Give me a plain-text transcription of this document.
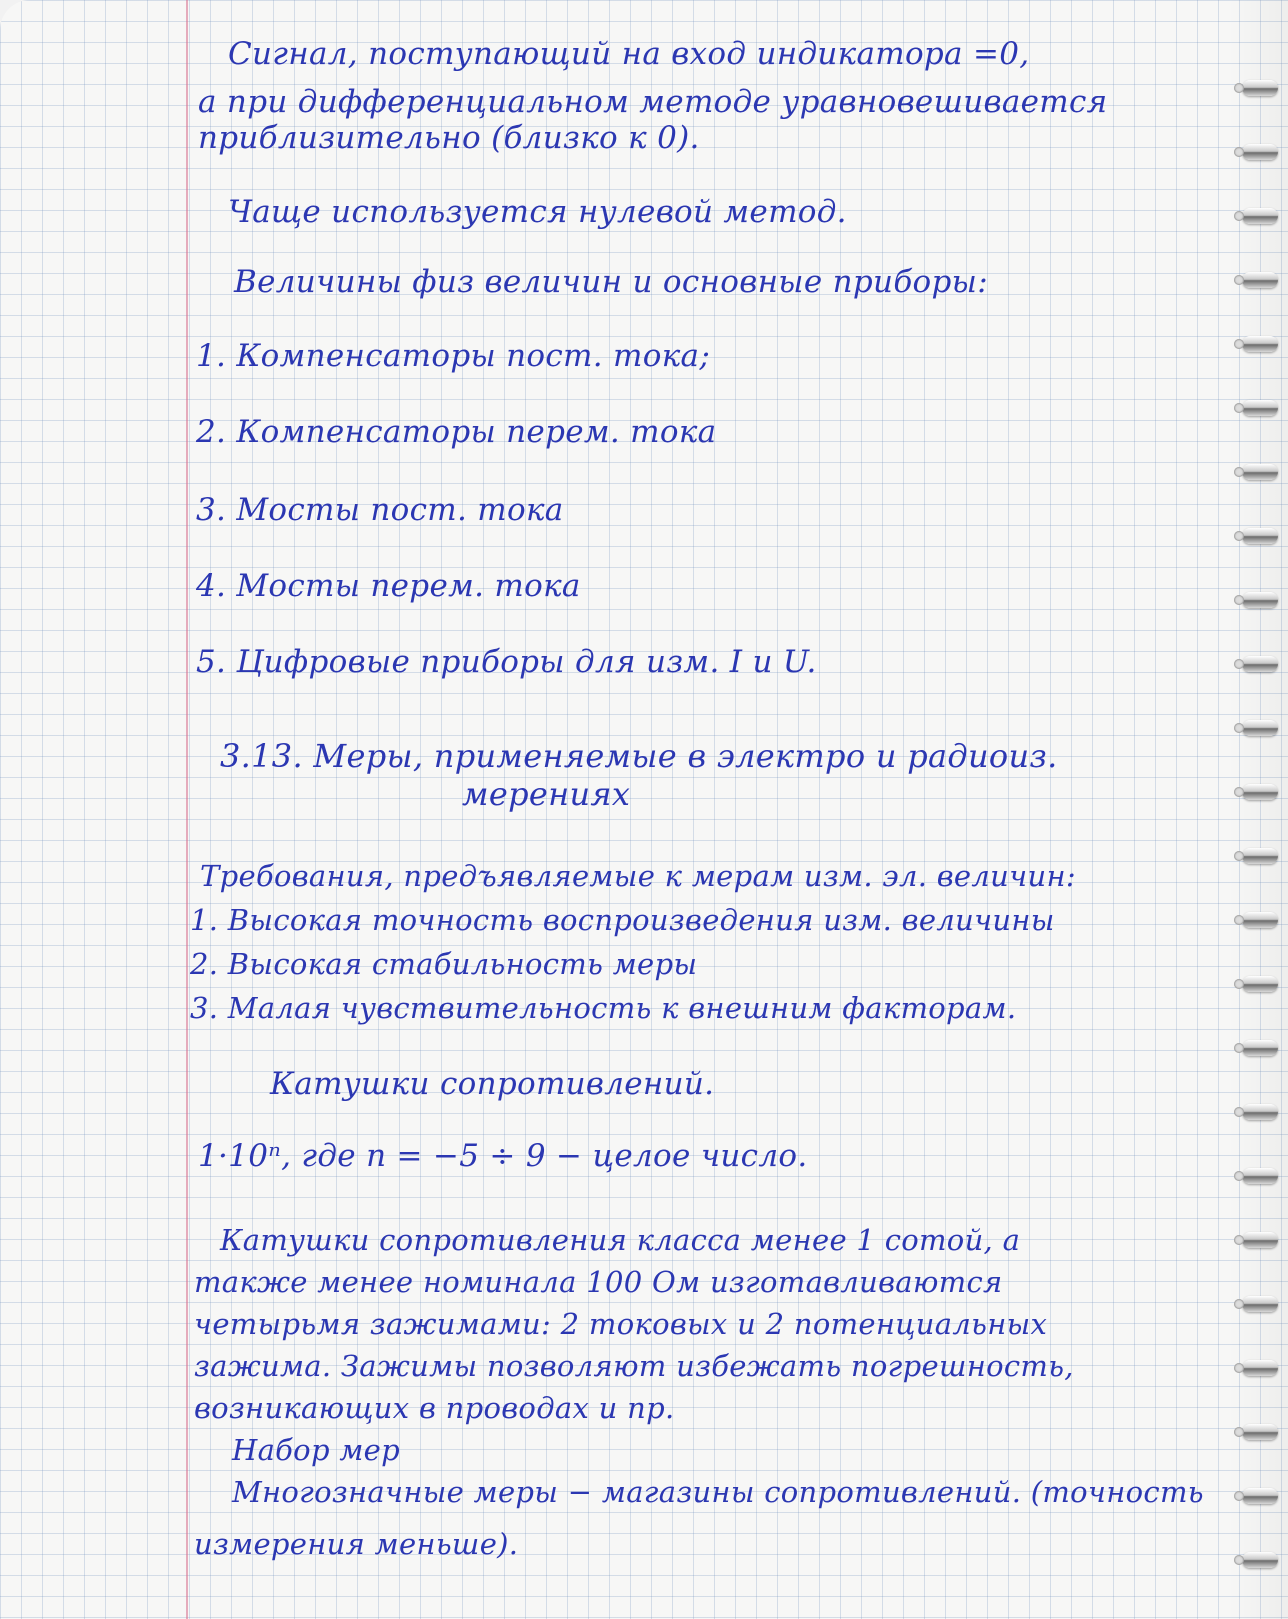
Сигнал, поступающий на вход индикатора =0,
а при дифференциальном методе уравновешивается
приблизительно (близко к 0).
Чаще используется нулевой метод.
Величины физ величин и основные приборы:
1. Компенсаторы пост. тока;
2. Компенсаторы перем. тока
3. Мосты пост. тока
4. Мосты перем. тока
5. Цифровые приборы для изм. I и U.
3.13. Меры, применяемые в электро и радиоиз.
мерениях
Требования, предъявляемые к мерам изм. эл. величин:
1. Высокая точность воспроизведения изм. величины
2. Высокая стабильность меры
3. Малая чувствительность к внешним факторам.
Катушки сопротивлений.
1·10ⁿ, где n = −5 ÷ 9 − целое число.
Катушки сопротивления класса менее 1 сотой, а
также менее номинала 100 Ом изготавливаются
четырьмя зажимами: 2 токовых и 2 потенциальных
зажима. Зажимы позволяют избежать погрешность,
возникающих в проводах и пр.
Набор мер
Многозначные меры − магазины сопротивлений. (точность
измерения меньше).
